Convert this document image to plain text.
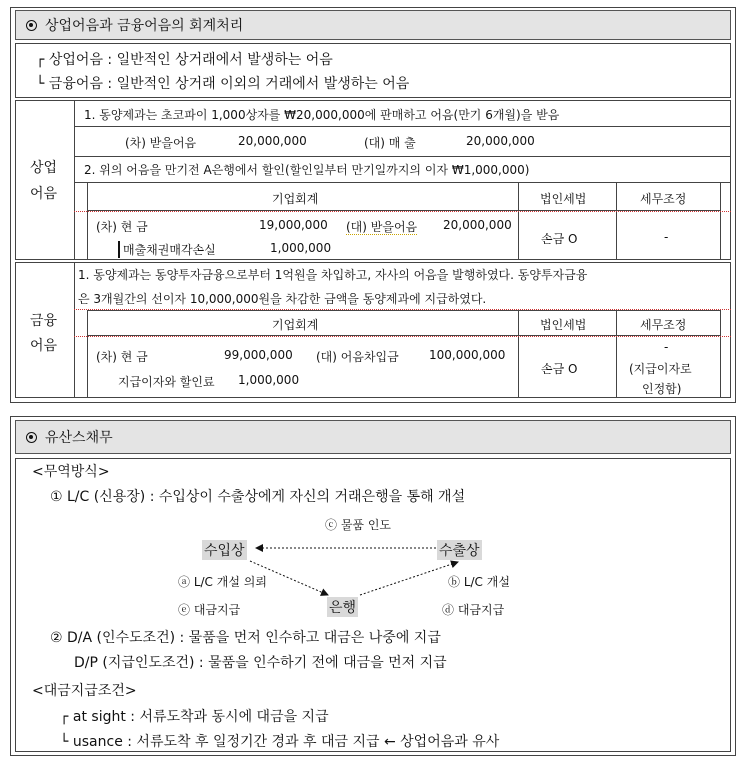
상업어음과 금융어음의 회계처리
┌ 상업어음 : 일반적인 상거래에서 발생하는 어음
└ 금융어음 : 일반적인 상거래 이외의 거래에서 발생하는 어음
상업
어음
1. 동양제과는 초코파이 1,000상자를 ₩20,000,000에 판매하고 어음(만기 6개월)을 받음
(차) 받을어음	20,000,000	(대) 매 출	20,000,000
2. 위의 어음을 만기전 A은행에서 할인(할인일부터 만기일까지의 이자 ₩1,000,000)
기업회계	법인세법	세무조정
(차) 현 금	19,000,000 (대) 받을어음 20,000,000
매출채권매각손실	1,000,000
손금 O	-
금융
어음
1. 동양제과는 동양투자금융으로부터 1억원을 차입하고, 자사의 어음을 발행하였다. 동양투자금융
은 3개월간의 선이자 10,000,000원을 차감한 금액을 동양제과에 지급하였다.
기업회계	법인세법	세무조정
(차) 현 금	99,000,000 (대) 어음차입금	100,000,000
지급이자와 할인료 1,000,000
손금 O
-
(지급이자로
인정함)
유산스채무
<무역방식>
① L/C (신용장) : 수입상이 수출상에게 자신의 거래은행을 통해 개설
ⓒ 물품 인도
수입상	수출상
ⓐ L/C 개설 의뢰	ⓑ L/C 개설
ⓔ 대금지급	은행	ⓓ 대금지급
② D/A (인수도조건) : 물품을 먼저 인수하고 대금은 나중에 지급
D/P (지급인도조건) : 물품을 인수하기 전에 대금을 먼저 지급
<대금지급조건>
┌ at sight : 서류도착과 동시에 대금을 지급
└ usance : 서류도착 후 일정기간 경과 후 대금 지급 ← 상업어음과 유사
